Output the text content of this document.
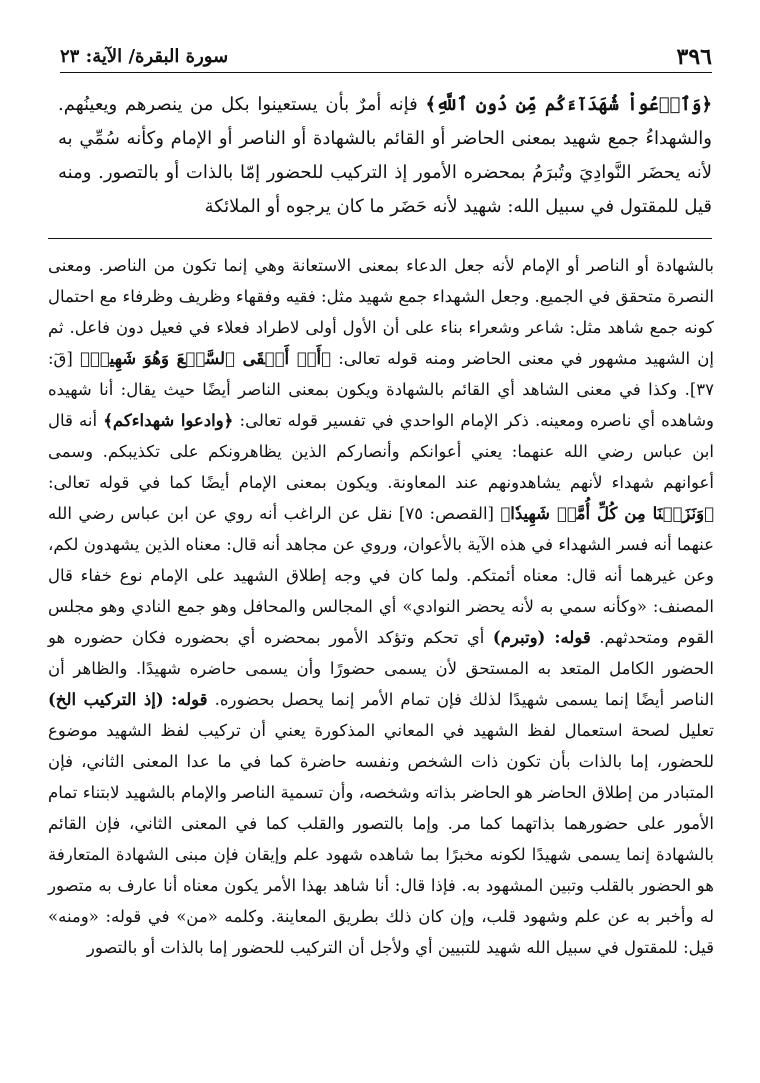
٣٩٦
سورة البقرة/ الآية: ٢٣
﴿وَٱدۡعُواْ شُهَدَآءَكُم مِّن دُونِ ٱللَّهِ﴾ فإنه أمرٌ بأن يستعينوا بكل من ينصرهم ويعينُهم. والشهداءُ جمع شهيد بمعنى الحاضر أو القائم بالشهادة أو الناصر أو الإمام وكأنه سُمِّي به لأنه يحضَر النَّوادِيَ وتُبرَمُ بمحضره الأمور إذ التركيب للحضور إمّا بالذات أو بالتصور. ومنه قيل للمقتول في سبيل الله: شهيد لأنه حَضَر ما كان يرجوه أو الملائكة
بالشهادة أو الناصر أو الإمام لأنه جعل الدعاء بمعنى الاستعانة وهي إنما تكون من الناصر. ومعنى النصرة متحقق في الجميع. وجعل الشهداء جمع شهيد مثل: فقيه وفقهاء وظريف وظرفاء مع احتمال كونه جمع شاهد مثل: شاعر وشعراء بناء على أن الأول أولى لاطراد فعلاء في فعيل دون فاعل. ثم إن الشهيد مشهور في معنى الحاضر ومنه قوله تعالى: ﴿أَوۡ أَلۡقَى ٱلسَّمۡعَ وَهُوَ شَهِيدٞ﴾ [قٓ: ٣٧]. وكذا في معنى الشاهد أي القائم بالشهادة ويكون بمعنى الناصر أيضًا حيث يقال: أنا شهيده وشاهده أي ناصره ومعينه. ذكر الإمام الواحدي في تفسير قوله تعالى: ﴿وادعوا شهداءكم﴾ أنه قال ابن عباس رضي الله عنهما: يعني أعوانكم وأنصاركم الذين يظاهرونكم على تكذيبكم. وسمى أعوانهم شهداء لأنهم يشاهدونهم عند المعاونة. ويكون بمعنى الإمام أيضًا كما في قوله تعالى: ﴿وَنَزَعۡنَا مِن كُلِّ أُمَّةٖ شَهِيدٗا﴾ [القصص: ٧٥] نقل عن الراغب أنه روي عن ابن عباس رضي الله عنهما أنه فسر الشهداء في هذه الآية بالأعوان، وروي عن مجاهد أنه قال: معناه الذين يشهدون لكم، وعن غيرهما أنه قال: معناه أئمتكم. ولما كان في وجه إطلاق الشهيد على الإمام نوع خفاء قال المصنف: «وكأنه سمي به لأنه يحضر النوادي» أي المجالس والمحافل وهو جمع النادي وهو مجلس القوم ومتحدثهم. قوله: (وتبرم) أي تحكم وتؤكد الأمور بمحضره أي بحضوره فكان حضوره هو الحضور الكامل المتعد به المستحق لأن يسمى حضورًا وأن يسمى حاضره شهيدًا. والظاهر أن الناصر أيضًا إنما يسمى شهيدًا لذلك فإن تمام الأمر إنما يحصل بحضوره. قوله: (إذ التركيب الخ) تعليل لصحة استعمال لفظ الشهيد في المعاني المذكورة يعني أن تركيب لفظ الشهيد موضوع للحضور، إما بالذات بأن تكون ذات الشخص ونفسه حاضرة كما في ما عدا المعنى الثاني، فإن المتبادر من إطلاق الحاضر هو الحاضر بذاته وشخصه، وأن تسمية الناصر والإمام بالشهيد لابتناء تمام الأمور على حضورهما بذاتهما كما مر. وإما بالتصور والقلب كما في المعنى الثاني، فإن القائم بالشهادة إنما يسمى شهيدًا لكونه مخبرًا بما شاهده شهود علم وإيقان فإن مبنى الشهادة المتعارفة هو الحضور بالقلب وتبين المشهود به. فإذا قال: أنا شاهد بهذا الأمر يكون معناه أنا عارف به متصور له وأخبر به عن علم وشهود قلب، وإن كان ذلك بطريق المعاينة. وكلمه «من» في قوله: «ومنه» قيل: للمقتول في سبيل الله شهيد للتبيين أي ولأجل أن التركيب للحضور إما بالذات أو بالتصور
